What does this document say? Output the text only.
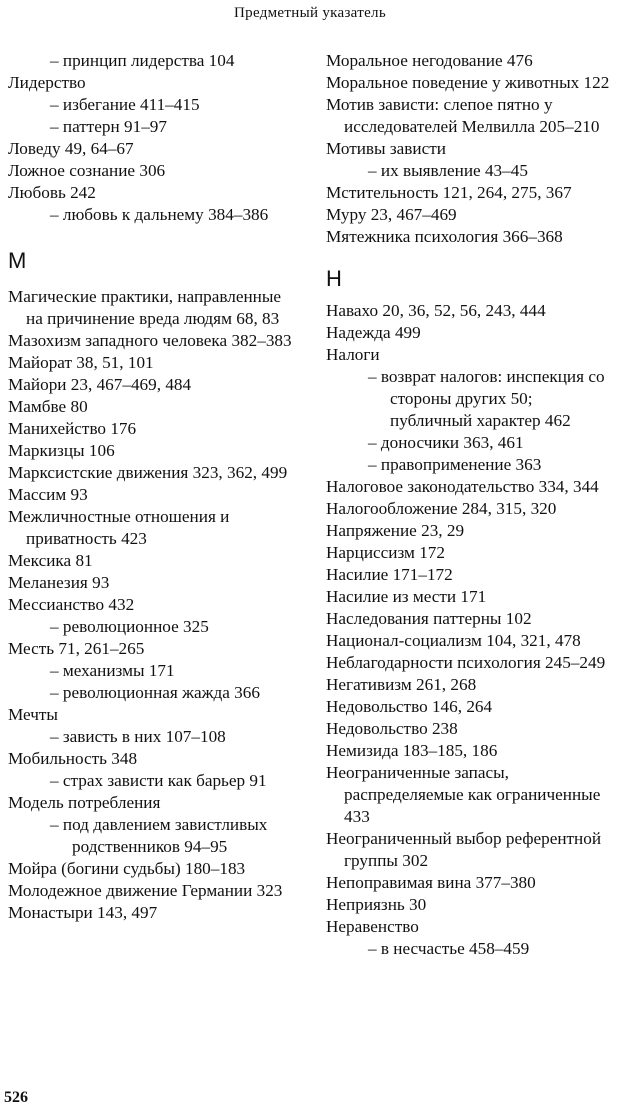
Предметный указатель
– принцип лидерства 104
Лидерство
– избегание 411–415
– паттерн 91–97
Ловеду 49, 64–67
Ложное сознание 306
Любовь 242
– любовь к дальнему 384–386
М
Магические практики, направленные на причинение вреда людям 68, 83
Мазохизм западного человека 382–383
Майорат 38, 51, 101
Майори 23, 467–469, 484
Мамбве 80
Манихейство 176
Маркизцы 106
Марксистские движения 323, 362, 499
Массим 93
Межличностные отношения и приватность 423
Мексика 81
Меланезия 93
Мессианство 432
– революционное 325
Месть 71, 261–265
– механизмы 171
– революционная жажда 366
Мечты
– зависть в них 107–108
Мобильность 348
– страх зависти как барьер 91
Модель потребления
– под давлением завистливых родственников 94–95
Мойра (богини судьбы) 180–183
Молодежное движение Германии 323
Монастыри 143, 497
Моральное негодование 476
Моральное поведение у животных 122
Мотив зависти: слепое пятно у исследователей Мелвилла 205–210
Мотивы зависти
– их выявление 43–45
Мстительность 121, 264, 275, 367
Муру 23, 467–469
Мятежника психология 366–368
Н
Навахо 20, 36, 52, 56, 243, 444
Надежда 499
Налоги
– возврат налогов: инспекция со стороны других 50; публичный характер 462
– доносчики 363, 461
– правоприменение 363
Налоговое законодательство 334, 344
Налогообложение 284, 315, 320
Напряжение 23, 29
Нарциссизм 172
Насилие 171–172
Насилие из мести 171
Наследования паттерны 102
Национал-социализм 104, 321, 478
Неблагодарности психология 245–249
Негативизм 261, 268
Недовольство 146, 264
Недовольство 238
Немизида 183–185, 186
Неограниченные запасы, распределяемые как ограниченные 433
Неограниченный выбор референтной группы 302
Непоправимая вина 377–380
Неприязнь 30
Неравенство
– в несчастье 458–459
526
